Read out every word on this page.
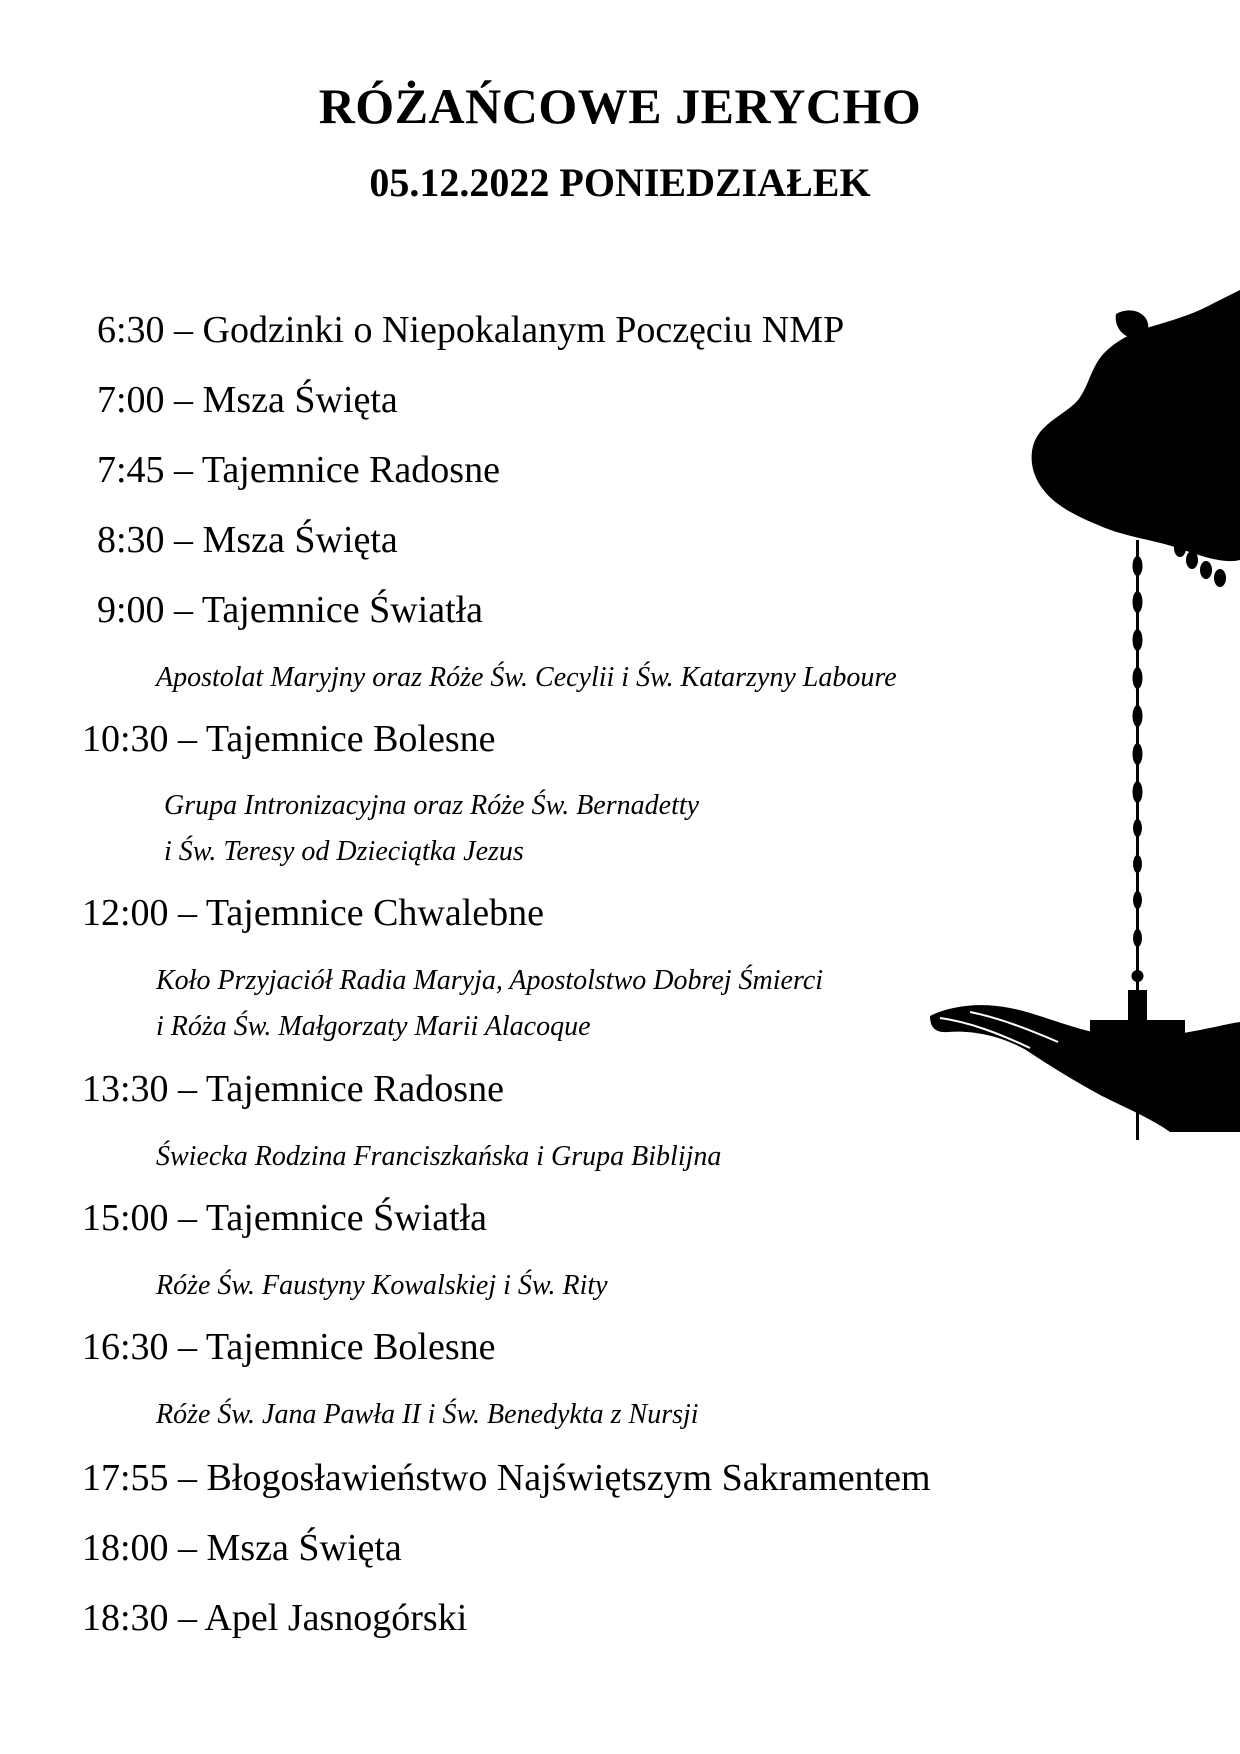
RÓŻAŃCOWE JERYCHO
05.12.2022 PONIEDZIAŁEK
6:30 – Godzinki o Niepokalanym Poczęciu NMP
7:00 – Msza Święta
7:45 – Tajemnice Radosne
8:30 – Msza Święta
9:00 – Tajemnice Światła
Apostolat Maryjny oraz Róże Św. Cecylii i Św. Katarzyny Laboure
10:30 – Tajemnice Bolesne
Grupa Intronizacyjna oraz Róże Św. Bernadetty
i Św. Teresy od Dzieciątka Jezus
12:00 – Tajemnice Chwalebne
Koło Przyjaciół Radia Maryja, Apostolstwo Dobrej Śmierci
i Róża Św. Małgorzaty Marii Alacoque
13:30 – Tajemnice Radosne
Świecka Rodzina Franciszkańska i Grupa Biblijna
15:00 – Tajemnice Światła
Róże Św. Faustyny Kowalskiej i Św. Rity
16:30 – Tajemnice Bolesne
Róże Św. Jana Pawła II i Św. Benedykta z Nursji
17:55 – Błogosławieństwo Najświętszym Sakramentem
18:00 – Msza Święta
18:30 – Apel Jasnogórski
